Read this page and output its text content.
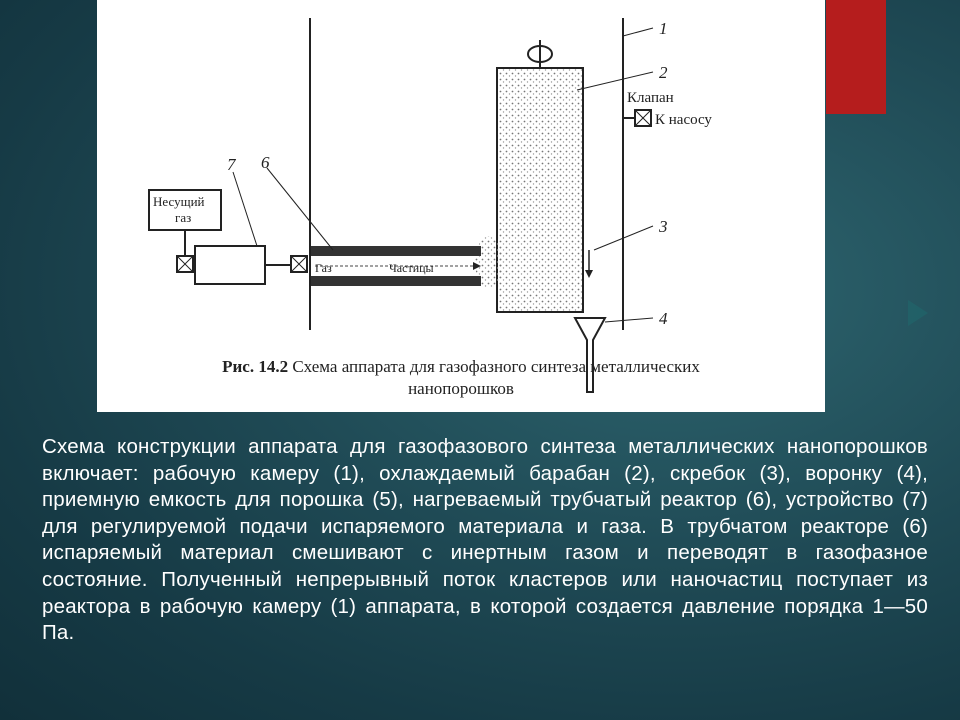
1
2
3
4
6
7
Клапан
К насосу
Несущий
газ
Газ	Частицы
Рис. 14.2 Схема аппарата для газофазного синтеза металлических
нанопорошков
Схема конструкции аппарата для газофазового синтеза металлических нанопорошков включает: рабочую камеру (1), охлаждаемый барабан (2), скребок (3), воронку (4), приемную емкость для порошка (5), нагреваемый трубчатый реактор (6), устройство (7) для регулируемой подачи испаряемого материала и газа. В трубчатом реакторе (6) испаряемый материал смешивают с инертным газом и переводят в газофазное состояние. Полученный непрерывный поток кластеров или наночастиц поступает из реактора в рабочую камеру (1) аппарата, в которой создается давление порядка 1—50 Па.
